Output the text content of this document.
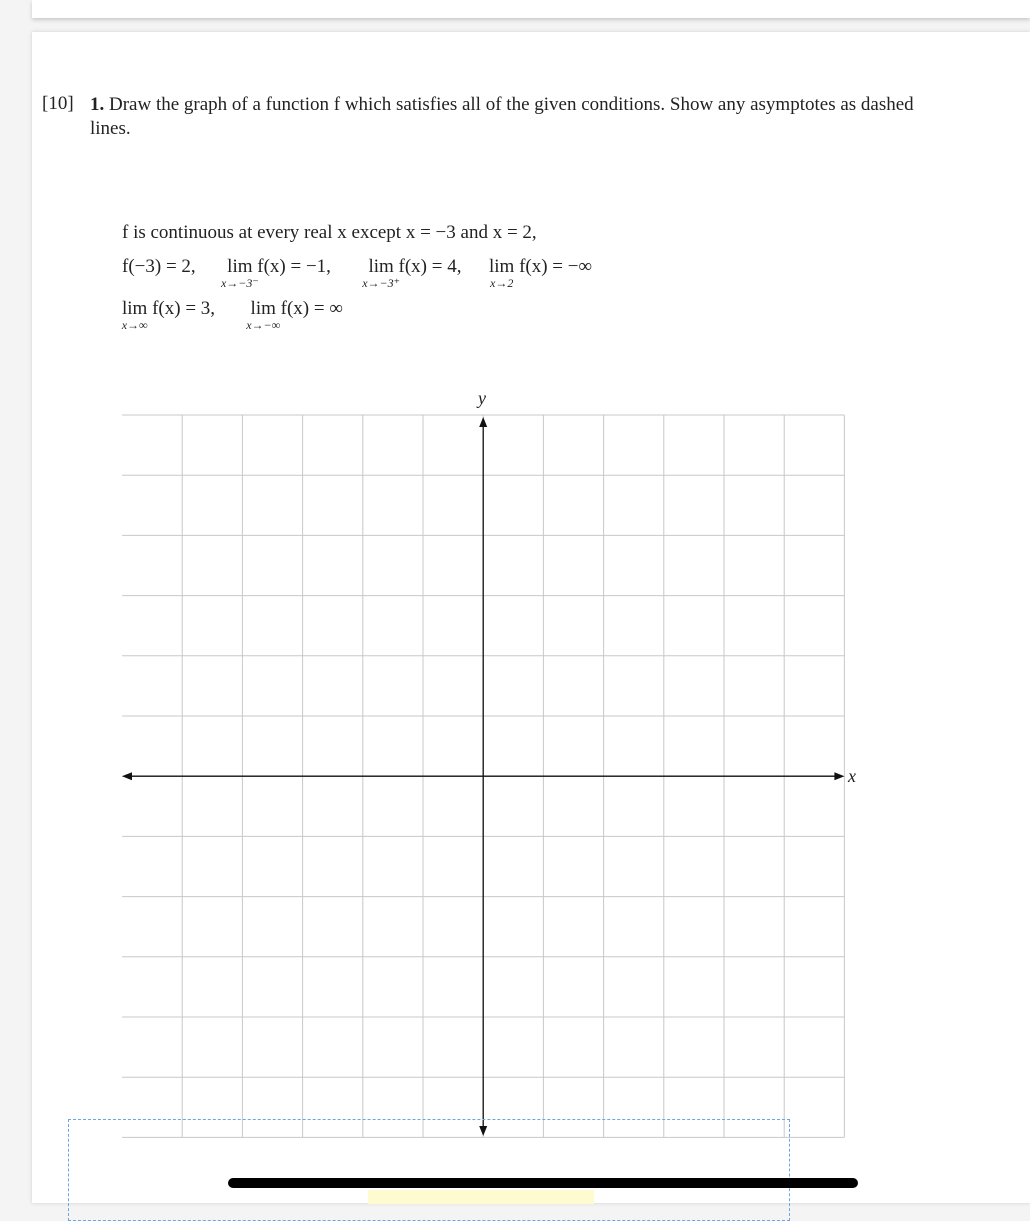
[10] 1. Draw the graph of a function f which satisfies all of the given conditions. Show any asymptotes as dashed lines.
f is continuous at every real x except x = −3 and x = 2,
f(−3) = 2, lim
x→−3⁻
f(x) = −1, lim
x→−3⁺
f(x) = 4, lim
x→2
f(x) = −∞
lim
x→∞
f(x) = 3, lim
x→−∞
f(x) = ∞
y
x
